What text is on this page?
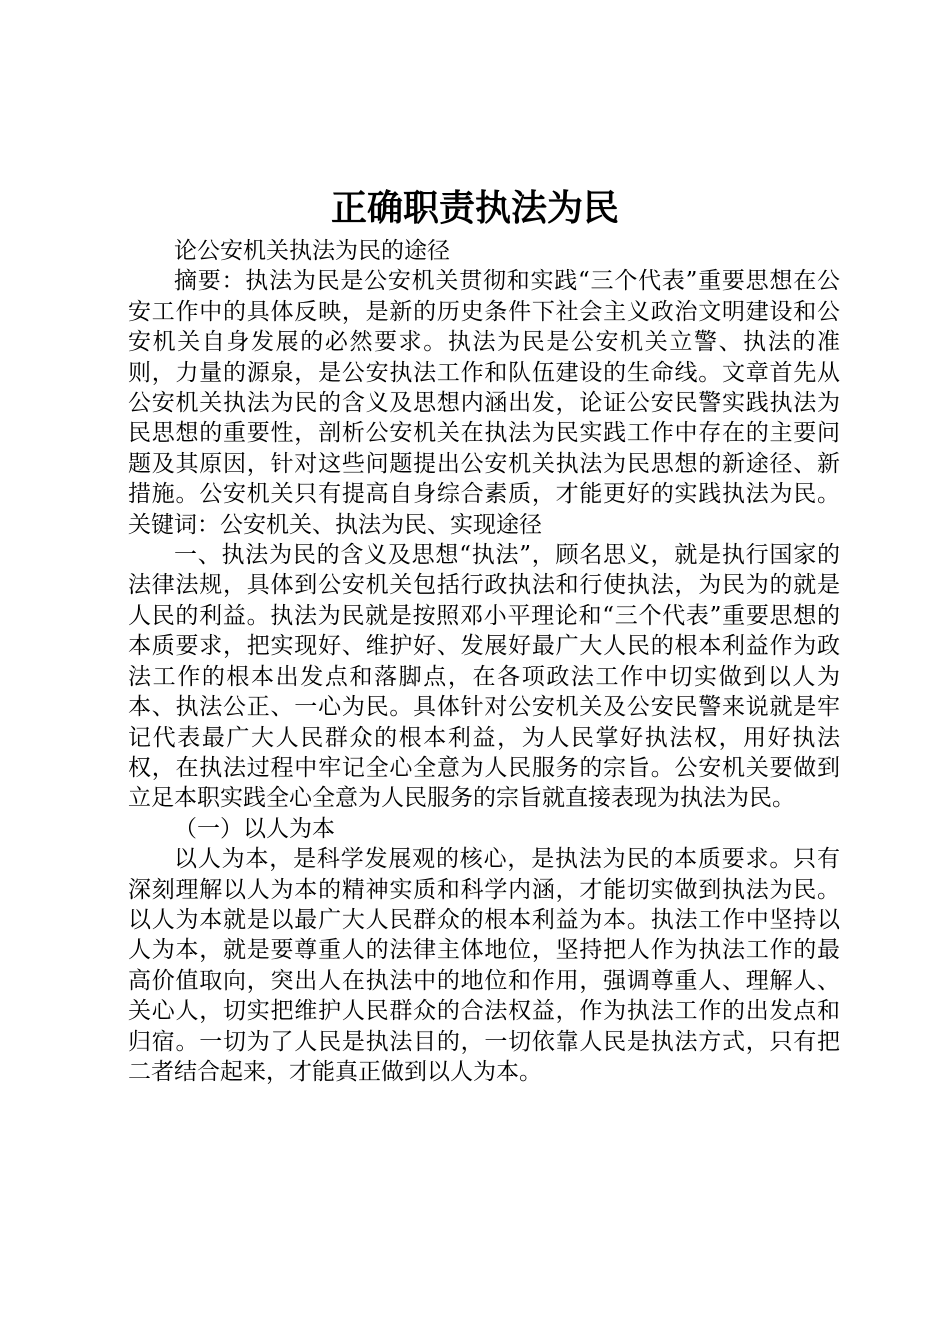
正确职责执法为民

论公安机关执法为民的途径

摘要：执法为民是公安机关贯彻和实践“三个代表”重要思想在公安工作中的具体反映，是新的历史条件下社会主义政治文明建设和公安机关自身发展的必然要求。执法为民是公安机关立警、执法的准则，力量的源泉，是公安执法工作和队伍建设的生命线。文章首先从公安机关执法为民的含义及思想内涵出发，论证公安民警实践执法为民思想的重要性，剖析公安机关在执法为民实践工作中存在的主要问题及其原因，针对这些问题提出公安机关执法为民思想的新途径、新措施。公安机关只有提高自身综合素质，才能更好的实践执法为民。关键词：公安机关、执法为民、实现途径

一、执法为民的含义及思想“执法”，顾名思义，就是执行国家的法律法规，具体到公安机关包括行政执法和行使执法，为民为的就是人民的利益。执法为民就是按照邓小平理论和“三个代表”重要思想的本质要求，把实现好、维护好、发展好最广大人民的根本利益作为政法工作的根本出发点和落脚点，在各项政法工作中切实做到以人为本、执法公正、一心为民。具体针对公安机关及公安民警来说就是牢记代表最广大人民群众的根本利益，为人民掌好执法权，用好执法权，在执法过程中牢记全心全意为人民服务的宗旨。公安机关要做到立足本职实践全心全意为人民服务的宗旨就直接表现为执法为民。

（一）以人为本

以人为本，是科学发展观的核心，是执法为民的本质要求。只有深刻理解以人为本的精神实质和科学内涵，才能切实做到执法为民。以人为本就是以最广大人民群众的根本利益为本。执法工作中坚持以人为本，就是要尊重人的法律主体地位，坚持把人作为执法工作的最高价值取向，突出人在执法中的地位和作用，强调尊重人、理解人、关心人，切实把维护人民群众的合法权益，作为执法工作的出发点和归宿。一切为了人民是执法目的，一切依靠人民是执法方式，只有把二者结合起来，才能真正做到以人为本。
